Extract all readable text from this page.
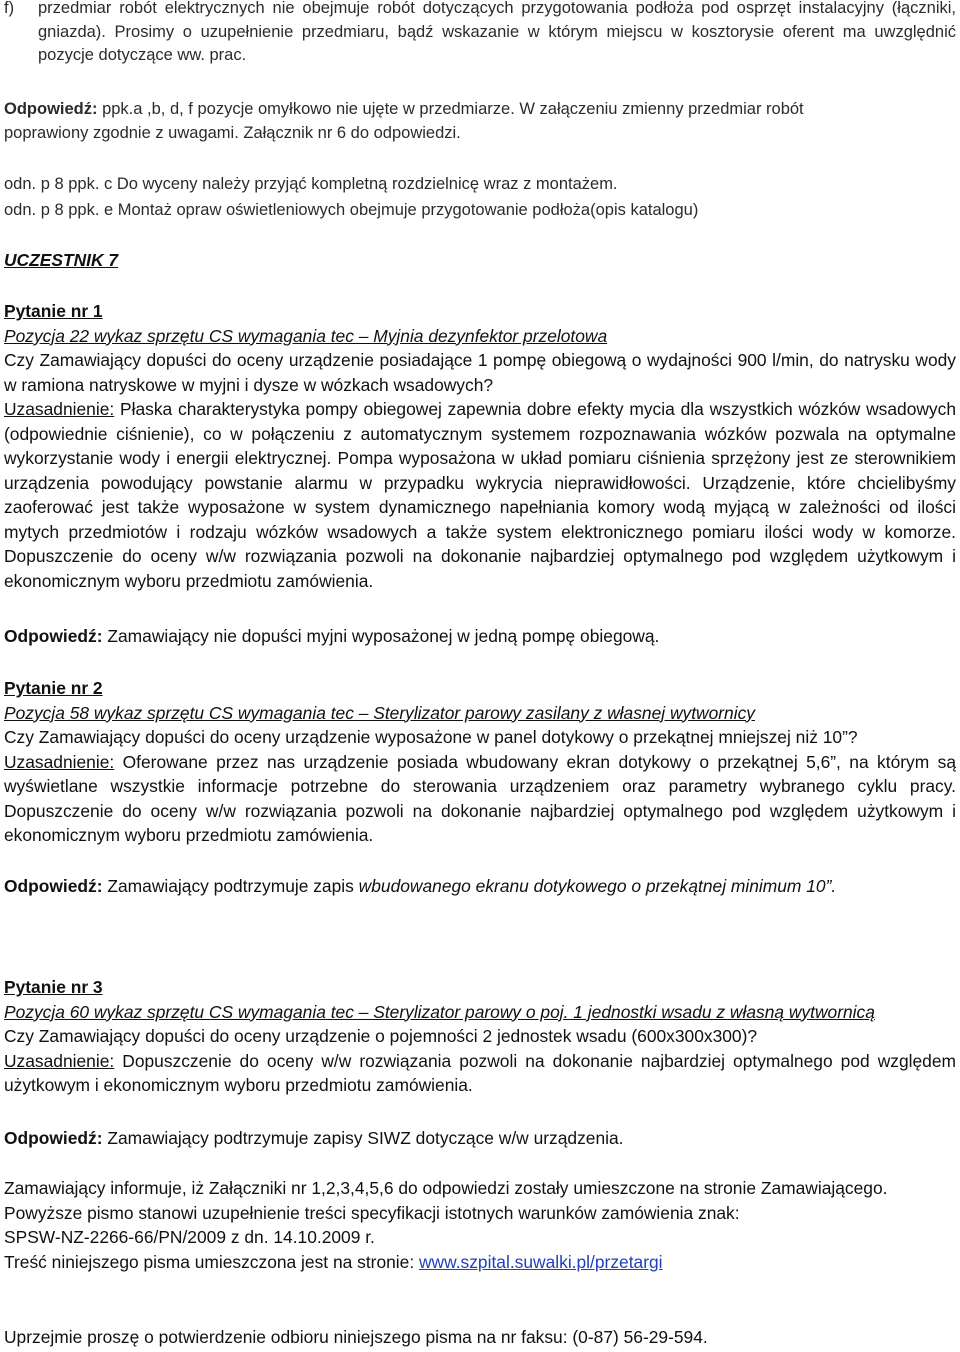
f)	przedmiar robót elektrycznych nie obejmuje robót dotyczących przygotowania podłoża pod osprzęt instalacyjny (łączniki, gniazda). Prosimy o uzupełnienie przedmiaru, bądź wskazanie w którym miejscu w kosztorysie oferent ma uwzględnić pozycje dotyczące ww. prac.

Odpowiedź: ppk.a ,b, d, f pozycje omyłkowo nie ujęte w przedmiarze. W załączeniu zmienny przedmiar robót poprawiony zgodnie z uwagami. Załącznik nr 6 do odpowiedzi.

odn. p 8 ppk. c Do wyceny należy przyjąć kompletną rozdzielnicę wraz z montażem.

odn. p 8 ppk. e Montaż opraw oświetleniowych obejmuje przygotowanie podłoża(opis katalogu)

UCZESTNIK 7

Pytanie nr 1

Pozycja 22 wykaz sprzętu CS wymagania tec – Myjnia dezynfektor przelotowa

Czy Zamawiający dopuści do oceny urządzenie posiadające 1 pompę obiegową o wydajności 900 l/min, do natrysku wody w ramiona natryskowe w myjni i dysze w wózkach wsadowych?

Uzasadnienie: Płaska charakterystyka pompy obiegowej zapewnia dobre efekty mycia dla wszystkich wózków wsadowych (odpowiednie ciśnienie), co w połączeniu z automatycznym systemem rozpoznawania wózków pozwala na optymalne wykorzystanie wody i energii elektrycznej. Pompa wyposażona w układ pomiaru ciśnienia sprzężony jest ze sterownikiem urządzenia powodujący powstanie alarmu w przypadku wykrycia nieprawidłowości. Urządzenie, które chcielibyśmy zaoferować jest także wyposażone w system dynamicznego napełniania komory wodą myjącą w zależności od ilości mytych przedmiotów i rodzaju wózków wsadowych a także system elektronicznego pomiaru ilości wody w komorze. Dopuszczenie do oceny w/w rozwiązania pozwoli na dokonanie najbardziej optymalnego pod względem użytkowym i ekonomicznym wyboru przedmiotu zamówienia.

Odpowiedź: Zamawiający nie dopuści myjni wyposażonej w jedną pompę obiegową.

Pytanie nr 2

Pozycja 58 wykaz sprzętu CS wymagania tec – Sterylizator parowy zasilany z własnej wytwornicy

Czy Zamawiający dopuści do oceny urządzenie wyposażone w panel dotykowy o przekątnej mniejszej niż 10”?

Uzasadnienie: Oferowane przez nas urządzenie posiada wbudowany ekran dotykowy o przekątnej 5,6”, na którym są wyświetlane wszystkie informacje potrzebne do sterowania urządzeniem oraz parametry wybranego cyklu pracy. Dopuszczenie do oceny w/w rozwiązania pozwoli na dokonanie najbardziej optymalnego pod względem użytkowym i ekonomicznym wyboru przedmiotu zamówienia.

Odpowiedź: Zamawiający podtrzymuje zapis wbudowanego ekranu dotykowego o przekątnej minimum 10”.

Pytanie nr 3

Pozycja 60 wykaz sprzętu CS wymagania tec – Sterylizator parowy o poj. 1 jednostki wsadu z własną wytwornicą

Czy Zamawiający dopuści do oceny urządzenie o pojemności 2 jednostek wsadu (600x300x300)?

Uzasadnienie: Dopuszczenie do oceny w/w rozwiązania pozwoli na dokonanie najbardziej optymalnego pod względem użytkowym i ekonomicznym wyboru przedmiotu zamówienia.

Odpowiedź: Zamawiający podtrzymuje zapisy SIWZ dotyczące w/w urządzenia.

Zamawiający informuje, iż Załączniki nr 1,2,3,4,5,6 do odpowiedzi zostały umieszczone na stronie Zamawiającego.

Powyższe pismo stanowi uzupełnienie treści specyfikacji istotnych warunków zamówienia znak:

SPSW-NZ-2266-66/PN/2009 z dn. 14.10.2009 r.

Treść niniejszego pisma umieszczona jest na stronie: www.szpital.suwalki.pl/przetargi

Uprzejmie proszę o potwierdzenie odbioru niniejszego pisma na nr faksu: (0-87) 56-29-594.
